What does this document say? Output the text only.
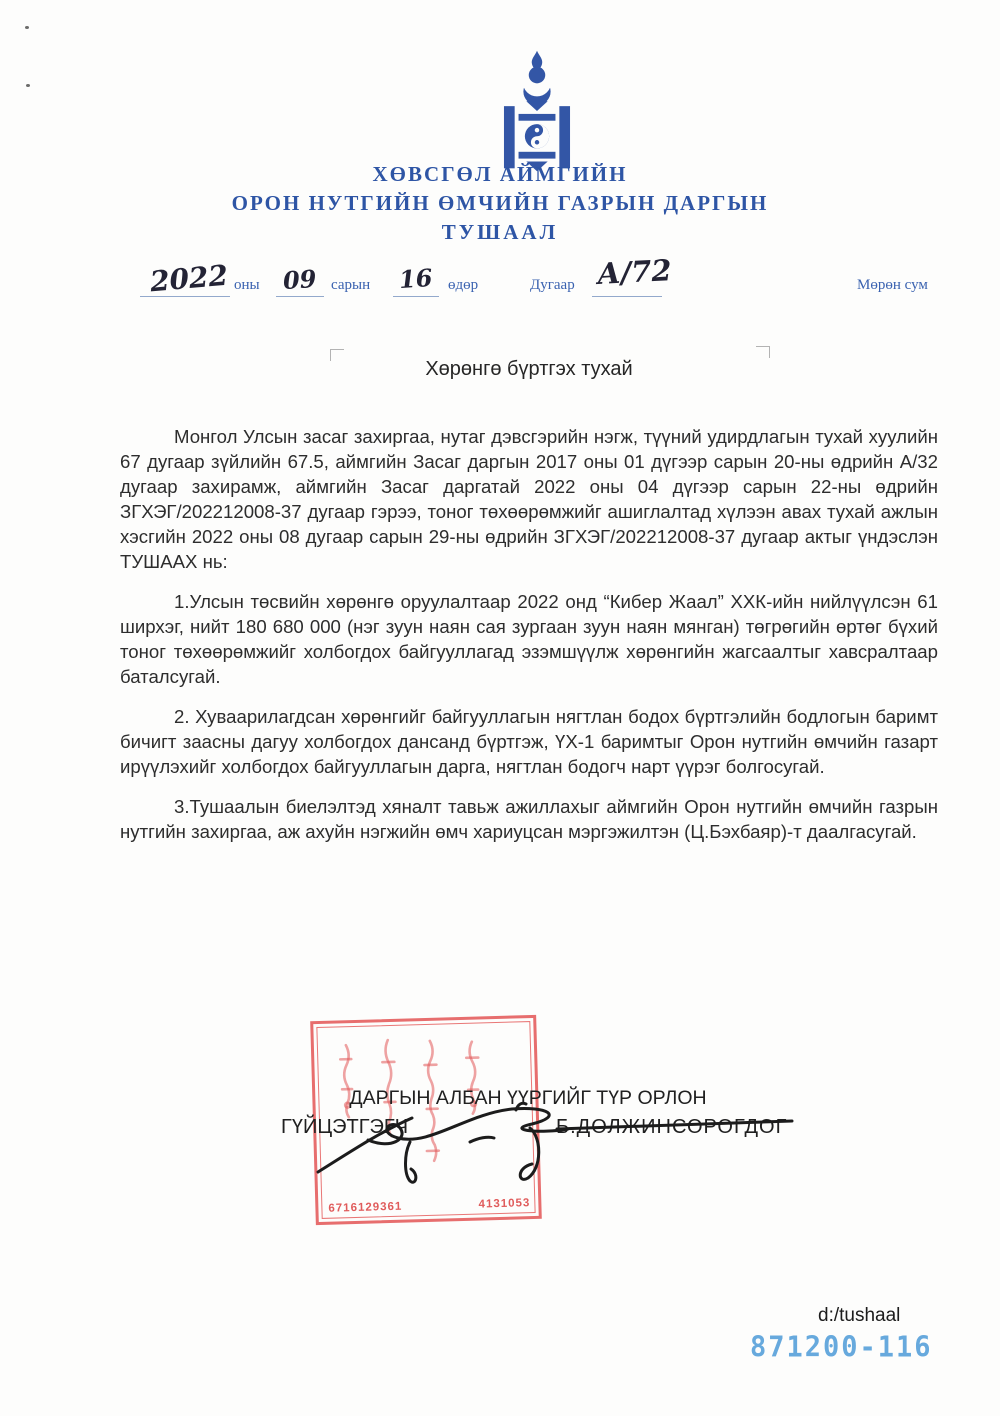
ХӨВСГӨЛ АЙМГИЙН
ОРОН НУТГИЙН ӨМЧИЙН ГАЗРЫН ДАРГЫН
ТУШААЛ
2022 оны 09 сарын 16 өдөр	Дугаар А/72	Мөрөн сум
Хөрөнгө бүртгэх тухай

Монгол Улсын засаг захиргаа, нутаг дэвсгэрийн нэгж, түүний удирдлагын тухай хуулийн 67 дугаар зүйлийн 67.5, аймгийн Засаг даргын 2017 оны 01 дүгээр сарын 20-ны өдрийн А/32 дугаар захирамж, аймгийн Засаг даргатай 2022 оны 04 дүгээр сарын 22-ны өдрийн ЗГХЭГ/202212008-37 дугаар гэрээ, тоног төхөөрөмжийг ашиглалтад хүлээн авах тухай ажлын хэсгийн 2022 оны 08 дугаар сарын 29-ны өдрийн ЗГХЭГ/202212008-37 дугаар актыг үндэслэн ТУШААХ нь:

1.Улсын төсвийн хөрөнгө оруулалтаар 2022 онд “Кибер Жаал” ХХК-ийн нийлүүлсэн 61 ширхэг, нийт 180 680 000 (нэг зуун наян сая зургаан зуун наян мянган) төгрөгийн өртөг бүхий тоног төхөөрөмжийг холбогдох байгууллагад эзэмшүүлж хөрөнгийн жагсаалтыг хавсралтаар баталсугай.

2. Хуваарилагдсан хөрөнгийг байгууллагын нягтлан бодох бүртгэлийн бодлогын баримт бичигт заасны дагуу холбогдох дансанд бүртгэж, ҮХ-1 баримтыг Орон нутгийн өмчийн газарт ирүүлэхийг холбогдох байгууллагын дарга, нягтлан бодогч нарт үүрэг болгосугай.

3.Тушаалын биелэлтэд хяналт тавьж ажиллахыг аймгийн Орон нутгийн өмчийн газрын нутгийн захиргаа, аж ахуйн нэгжийн өмч хариуцсан мэргэжилтэн (Ц.Бэхбаяр)-т даалгасугай.

6716129361	4131053
ДАРГЫН АЛБАН ҮҮРГИЙГ ТҮР ОРЛОН
ГҮЙЦЭТГЭГЧ	Б.ДОЛЖИНСОРОГДОГ
d:/tushaal
871200-116
